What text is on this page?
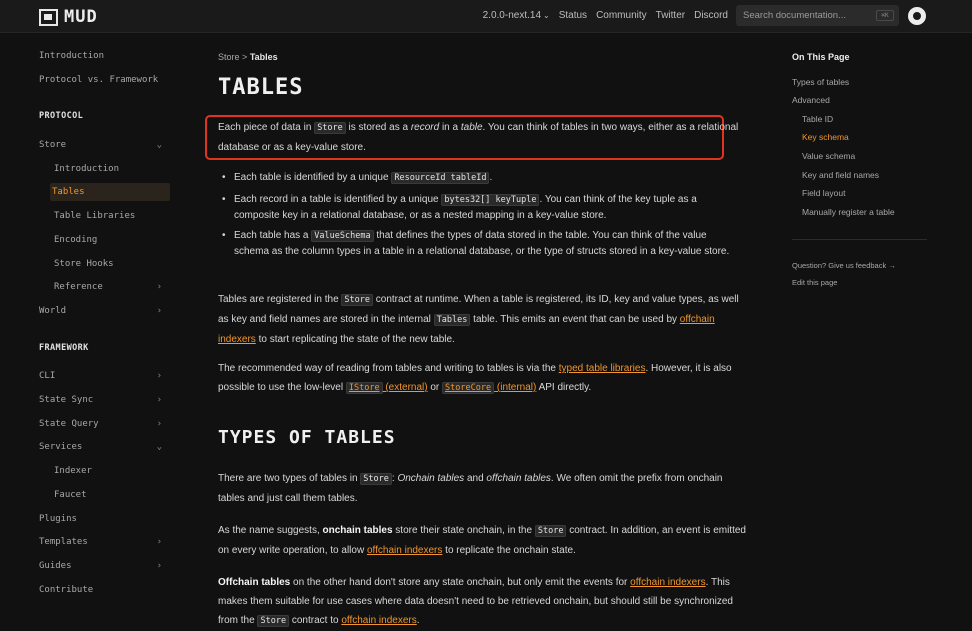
MUD	2.0.0-next.14 ⌄ Status Community Twitter Discord
Search documentation...	⌘K
Introduction
Protocol vs. Framework
PROTOCOL
Store	⌄
Introduction
Tables
Table Libraries
Encoding
Store Hooks
Reference	›
World	›
FRAMEWORK
CLI	›
State Sync	›
State Query	›
Services	⌄
Indexer
Faucet
Plugins
Templates	›
Guides	›
Contribute
Store > Tables
TABLES
Each piece of data in Store is stored as a record in a table. You can think of tables in two ways, either as a relational database or as a key-value store.
• Each table is identified by a unique ResourceId tableId .
• Each record in a table is identified by a unique bytes32[] keyTuple . You can think of the key tuple as a composite key in a relational database, or as a nested mapping in a key-value store.
• Each table has a ValueSchema that defines the types of data stored in the table. You can think of the value schema as the column types in a table in a relational database, or the type of structs stored in a key-value store.
Tables are registered in the Store contract at runtime. When a table is registered, its ID, key and value types, as well as key and field names are stored in the internal Tables table. This emits an event that can be used by offchain indexers to start replicating the state of the new table.
The recommended way of reading from tables and writing to tables is via the typed table libraries. However, it is also possible to use the low-level IStore (external) or StoreCore (internal) API directly.
TYPES OF TABLES
There are two types of tables in Store : Onchain tables and offchain tables. We often omit the prefix from onchain tables and just call them tables.
As the name suggests, onchain tables store their state onchain, in the Store contract. In addition, an event is emitted on every write operation, to allow offchain indexers to replicate the onchain state.
Offchain tables on the other hand don't store any state onchain, but only emit the events for offchain indexers. This makes them suitable for use cases where data doesn't need to be retrieved onchain, but should still be synchronized from the Store contract to offchain indexers.
On This Page
Types of tables
Advanced
Table ID
Key schema
Value schema
Key and field names
Field layout
Manually register a table
Question? Give us feedback →
Edit this page
